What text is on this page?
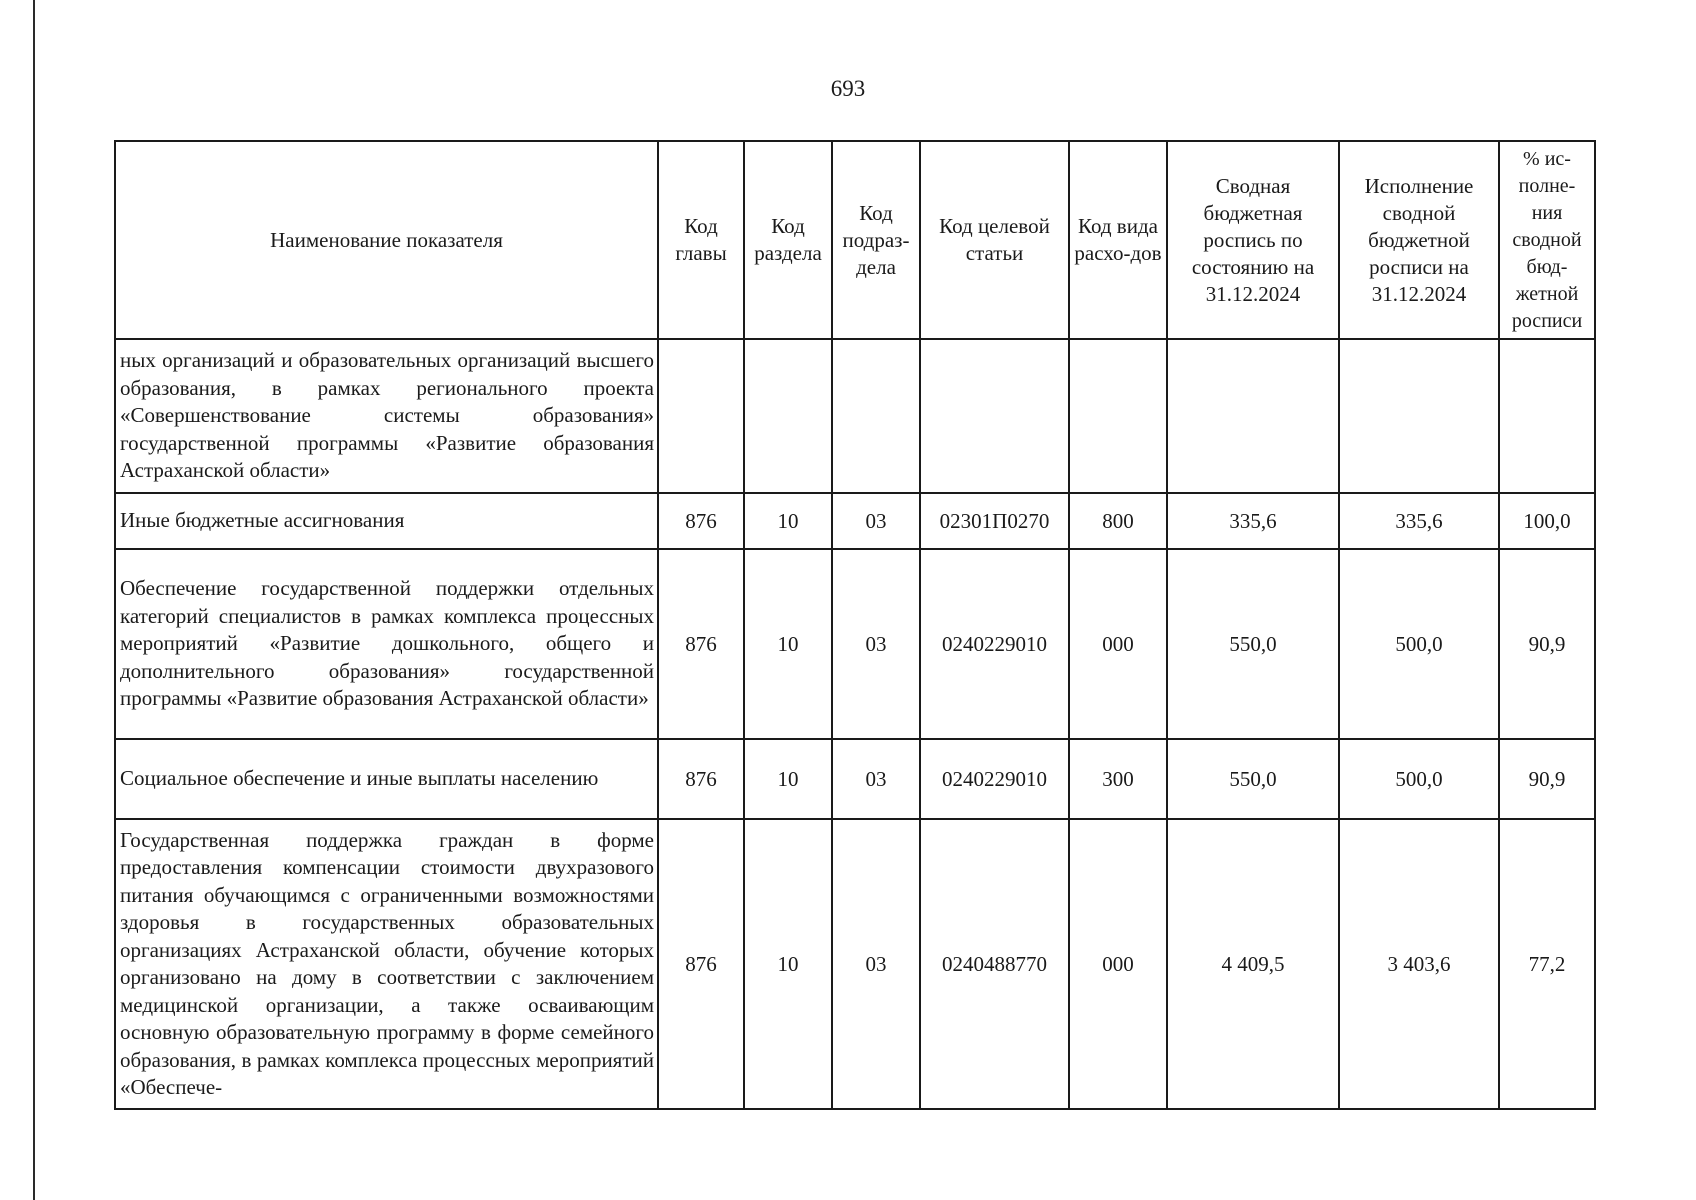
693
Наименование показателя	Код главы	Код раздела	Код подраз-дела	Код целевой статьи	Код вида расхо-дов	Сводная бюджетная роспись по состоянию на 31.12.2024	Исполнение сводной бюджетной росписи на 31.12.2024	% ис-полне-ния сводной бюд-жетной росписи
ных организаций и образовательных организаций высшего образования, в рамках регионального проекта «Совершенствование системы образования» государственной программы «Развитие образования Астраханской области»								
Иные бюджетные ассигнования	876	10	03	02301П0270	800	335,6	335,6	100,0
Обеспечение государственной поддержки отдельных категорий специалистов в рамках комплекса процессных мероприятий «Развитие дошкольного, общего и дополнительного образования» государственной программы «Развитие образования Астраханской области»	876	10	03	0240229010	000	550,0	500,0	90,9
Социальное обеспечение и иные выплаты населению	876	10	03	0240229010	300	550,0	500,0	90,9
Государственная поддержка граждан в форме предоставления компенсации стоимости двухразового питания обучающимся с ограниченными возможностями здоровья в государственных образовательных организациях Астраханской области, обучение которых организовано на дому в соответствии с заключением медицинской организации, а также осваивающим основную образовательную программу в форме семейного образования, в рамках комплекса процессных мероприятий «Обеспече-	876	10	03	0240488770	000	4 409,5	3 403,6	77,2
